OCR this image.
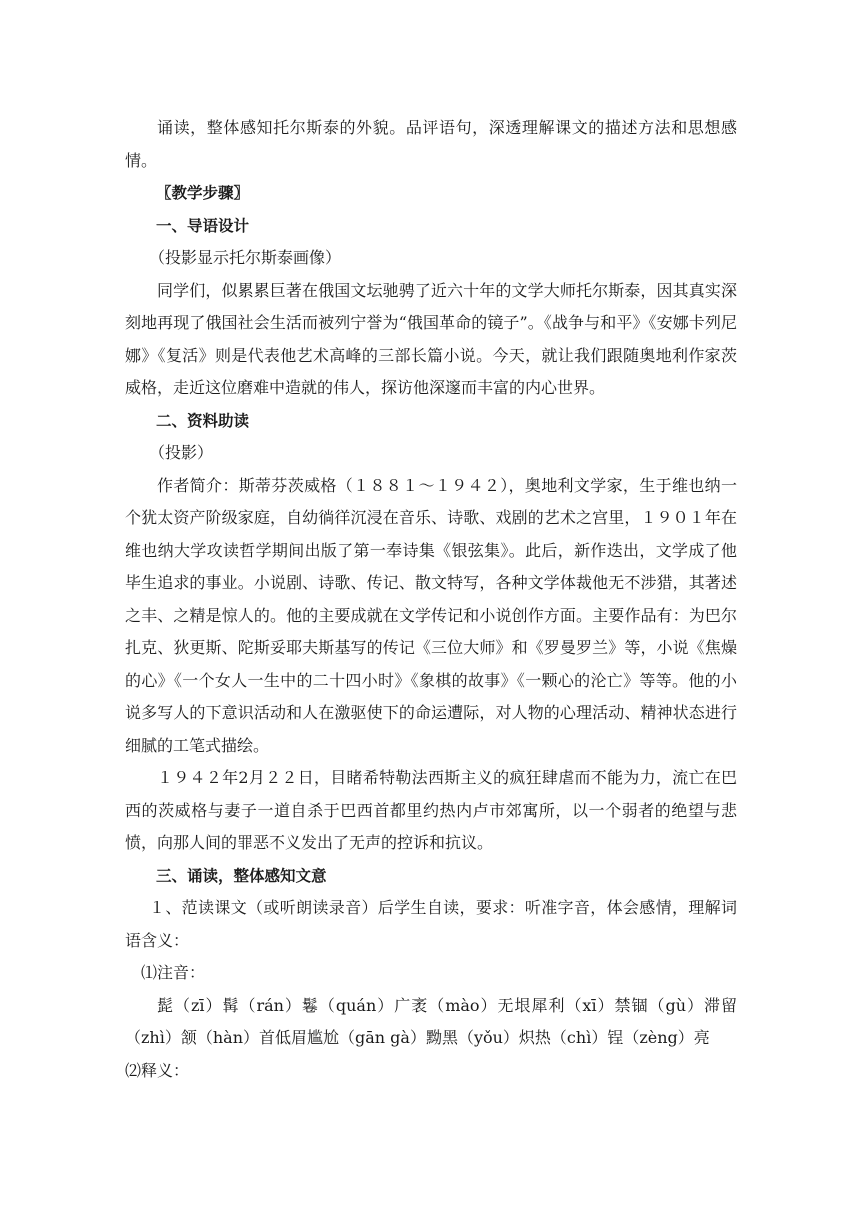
诵读，整体感知托尔斯泰的外貌。品评语句，深透理解课文的描述方法和思想感情。

〖教学步骤〗

一、导语设计

（投影显示托尔斯泰画像）

同学们，似累累巨著在俄国文坛驰骋了近六十年的文学大师托尔斯泰，因其真实深刻地再现了俄国社会生活而被列宁誉为“俄国革命的镜子”。《战争与和平》《安娜卡列尼娜》《复活》则是代表他艺术高峰的三部长篇小说。今天，就让我们跟随奥地利作家茨威格，走近这位磨难中造就的伟人，探访他深邃而丰富的内心世界。

二、资料助读

（投影）

作者简介：斯蒂芬茨威格（１８８１～１９４２），奥地利文学家，生于维也纳一个犹太资产阶级家庭，自幼徜徉沉浸在音乐、诗歌、戏剧的艺术之宫里，１９０１年在维也纳大学攻读哲学期间出版了第一奉诗集《银弦集》。此后，新作迭出，文学成了他毕生追求的事业。小说剧、诗歌、传记、散文特写，各种文学体裁他无不涉猎，其著述之丰、之精是惊人的。他的主要成就在文学传记和小说创作方面。主要作品有：为巴尔扎克、狄更斯、陀斯妥耶夫斯基写的传记《三位大师》和《罗曼罗兰》等，小说《焦燥的心》《一个女人一生中的二十四小时》《象棋的故事》《一颗心的沦亡》等等。他的小说多写人的下意识活动和人在激驱使下的命运遭际，对人物的心理活动、精神状态进行细腻的工笔式描绘。

１９４２年2月２２日，目睹希特勒法西斯主义的疯狂肆虐而不能为力，流亡在巴西的茨威格与妻子一道自杀于巴西首都里约热内卢市郊寓所，以一个弱者的绝望与悲愤，向那人间的罪恶不义发出了无声的控诉和抗议。

三、诵读，整体感知文意

１、范读课文（或听朗读录音）后学生自读，要求：听准字音，体会感情，理解词语含义：

⑴注音：

髭（zī）髯（rán）鬈（quán）广袤（mào）无垠犀利（xī）禁锢（gù）滞留（zhì）颔（hàn）首低眉尴尬（gān gà）黝黑（yǒu）炽热（chì）锃（zèng）亮

⑵释义：
